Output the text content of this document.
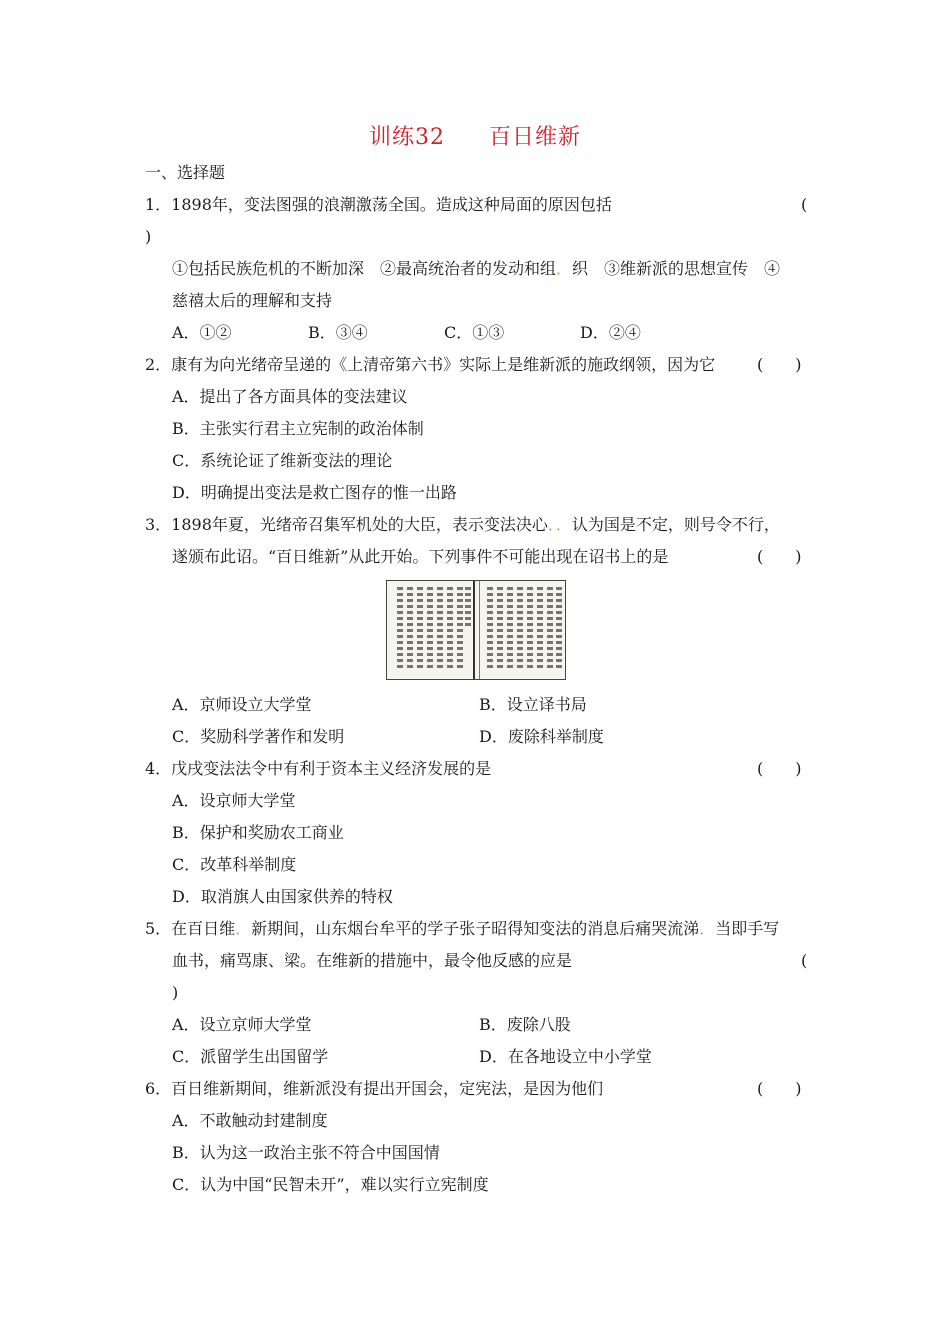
训练32 百日维新
一、选择题
1．1898年，变法图强的浪潮激荡全国。造成这种局面的原因包括	(
)
①包括民族危机的不断加深　②最高统治者的发动和组．织　③维新派的思想宣传　④
慈禧太后的理解和支持
A．①②	B．③④	C．①③	D．②④
2．康有为向光绪帝呈递的《上清帝第六书》实际上是维新派的施政纲领，因为它	(　　)
A．提出了各方面具体的变法建议
B．主张实行君主立宪制的政治体制
C．系统论证了维新变法的理论
D．明确提出变法是救亡图存的惟一出路
3．1898年夏，光绪帝召集军机处的大臣，表示变法决心．．认为国是不定，则号令不行，
遂颁布此诏。“百日维新”从此开始。下列事件不可能出现在诏书上的是	(　　)
A．京师设立大学堂	B．设立译书局
C．奖励科学著作和发明	D．废除科举制度
4．戊戌变法法令中有利于资本主义经济发展的是	(　　)
A．设京师大学堂
B．保护和奖励农工商业
C．改革科举制度
D．取消旗人由国家供养的特权
5．在百日维．新期间，山东烟台牟平的学子张子昭得知变法的消息后痛哭流涕．当即手写
血书，痛骂康、梁。在维新的措施中，最令他反感的应是	(
)
A．设立京师大学堂	B．废除八股
C．派留学生出国留学	D．在各地设立中小学堂
6．百日维新期间，维新派没有提出开国会，定宪法，是因为他们	(　　)
A．不敢触动封建制度
B．认为这一政治主张不符合中国国情
C．认为中国“民智未开”，难以实行立宪制度
